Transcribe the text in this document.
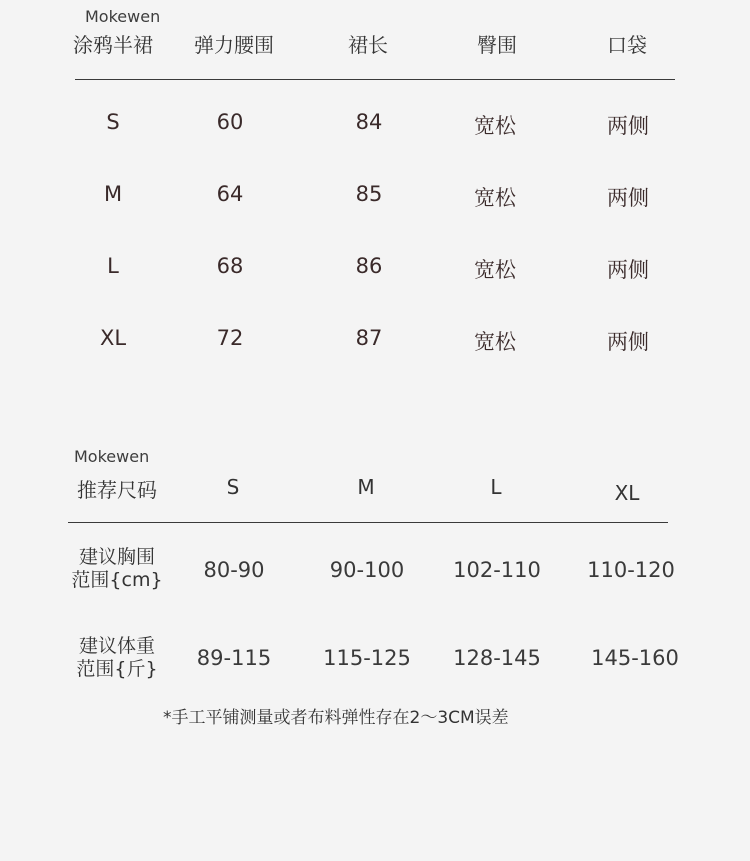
Mokewen
涂鸦半裙	弹力腰围	裙长	臀围	口袋
S	60	84	宽松	两侧
M	64	85	宽松	两侧
L	68	86	宽松	两侧
XL	72	87	宽松	两侧
Mokewen
推荐尺码	S	M	L	XL
建议胸围
范围{cm}	80-90	90-100	102-110	110-120
建议体重
范围{斤}	89-115	115-125	128-145	145-160
*手工平铺测量或者布料弹性存在2～3CM误差
